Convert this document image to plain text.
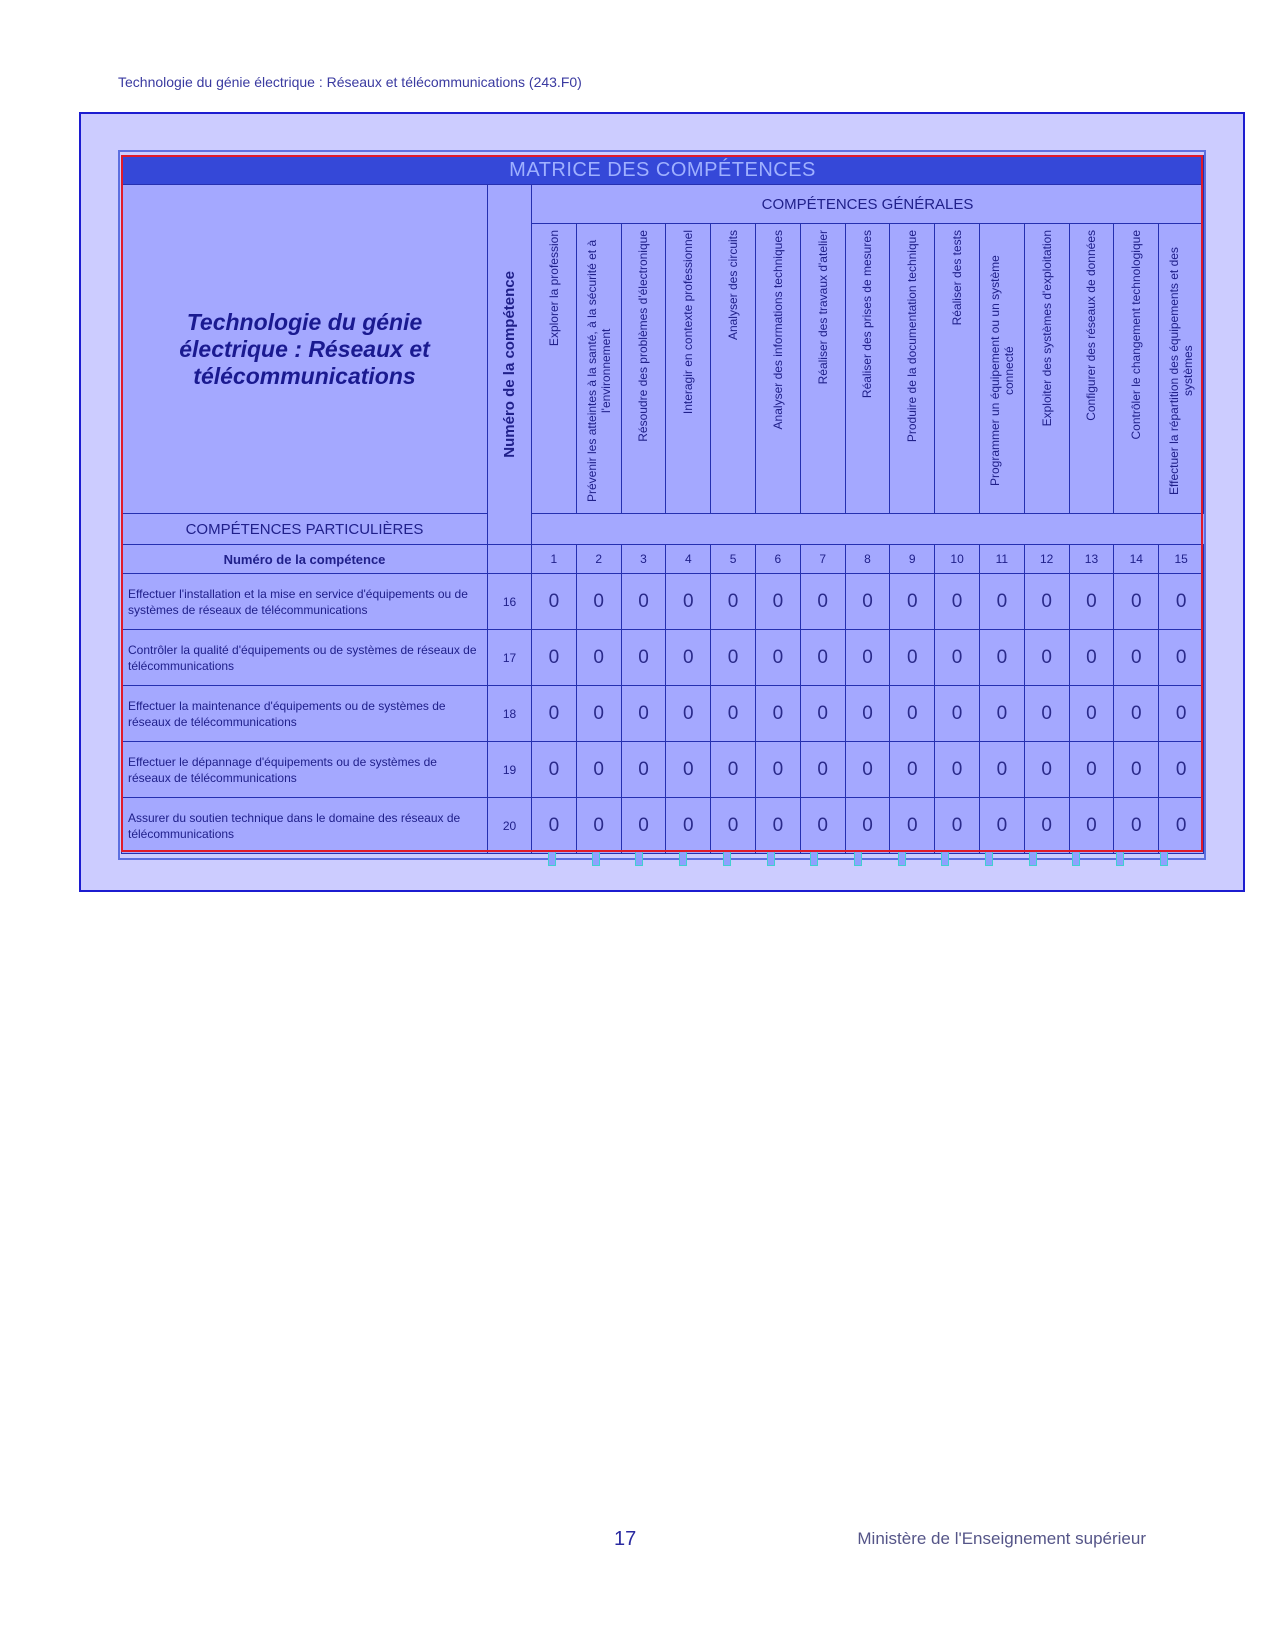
Technologie du génie électrique : Réseaux et télécommunications (243.F0)
MATRICE DES COMPÉTENCES																
Technologie du génie électrique : Réseaux et télécommunications	Numéro de la compétence	COMPÉTENCES GÉNÉRALES														

		Explorer la profession	Prévenir les atteintes à la santé, à la sécurité et à l'environnement	Résoudre des problèmes d'électronique	Interagir en contexte professionnel	Analyser des circuits	Analyser des informations techniques	Réaliser des travaux d'atelier	Réaliser des prises de mesures	Produire de la documentation technique	Réaliser des tests	Programmer un équipement ou un système connecté	Exploiter des systèmes d'exploitation	Configurer des réseaux de données	Contrôler le changement technologique	Effectuer la répartition des équipements et des systèmes

COMPÉTENCES PARTICULIÈRES																
Numéro de la compétence		1	2	3	4	5	6	7	8	9	10	11	12	13	14	15
Effectuer l'installation et la mise en service d'équipements ou de systèmes de réseaux de télécommunications	16	0	0	0	0	0	0	0	0	0	0	0	0	0	0	0
Contrôler la qualité d'équipements ou de systèmes de réseaux de télécommunications	17	0	0	0	0	0	0	0	0	0	0	0	0	0	0	0
Effectuer la maintenance d'équipements ou de systèmes de réseaux de télécommunications	18	0	0	0	0	0	0	0	0	0	0	0	0	0	0	0
Effectuer le dépannage d'équipements ou de systèmes de réseaux de télécommunications	19	0	0	0	0	0	0	0	0	0	0	0	0	0	0	0
Assurer du soutien technique dans le domaine des réseaux de télécommunications	20	0	0	0	0	0	0	0	0	0	0	0	0	0	0	0
17	Ministère de l'Enseignement supérieur
